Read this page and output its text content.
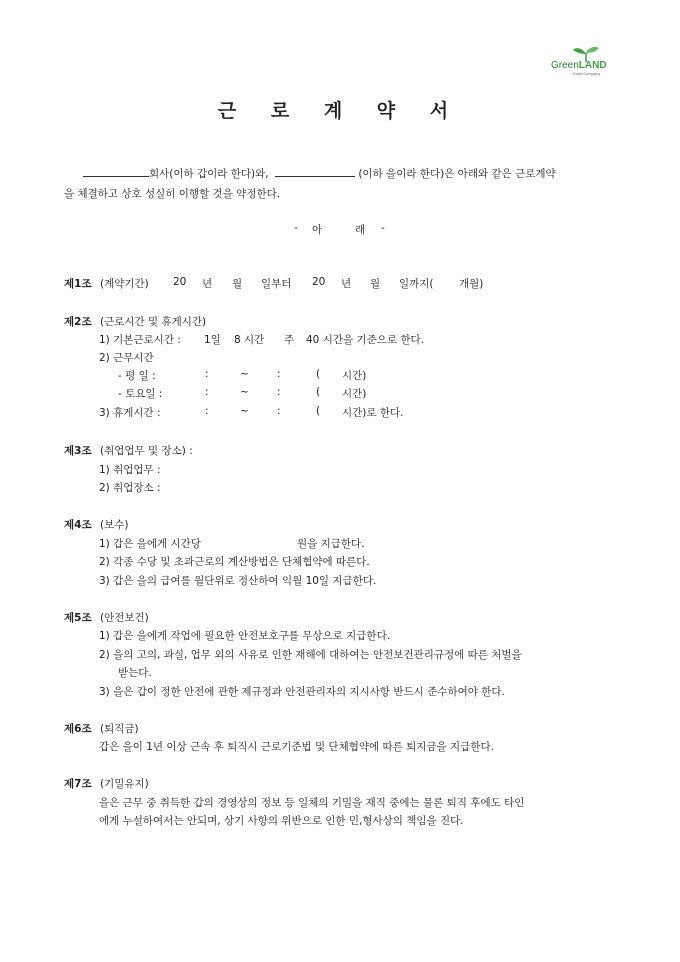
GreenLAND
Food Company
근 로 계 약 서
회사(이하 갑이라 한다)와,	(이하 을이라 한다)은 아래와 같은 근로계약
을 체결하고 상호 성실히 이행할 것을 약정한다.
- 아	래 -
제1조 (계약기간) 20 년 월 일부터 20 년 월 일까지( 개월)
제2조 (근로시간 및 휴게시간)
1) 기본근로시간 : 1일 8 시간 주 40 시간을 기준으로 한다.
2) 근무시간
- 평 일 :	:	~	:	( 시간)
- 토요일 :	:	~	:	( 시간)
3) 휴게시간 :	:	~	:	( 시간)로 한다.
제3조 (취업업무 및 장소) :
1) 취업업무 :
2) 취업장소 :
제4조 (보수)
1) 갑은 을에게 시간당	원을 지급한다.
2) 각종 수당 및 초과근로의 계산방법은 단체협약에 따른다.
3) 갑은 을의 급여를 월단위로 정산하여 익월 10일 지급한다.
제5조 (안전보건)
1) 갑은 을에게 작업에 필요한 안전보호구를 무상으로 지급한다.
2) 을의 고의, 과실, 업무 외의 사유로 인한 재해에 대하여는 안전보건관리규정에 따른 처벌을
받는다.
3) 을은 갑이 정한 안전에 관한 제규정과 안전관리자의 지시사항 반드시 준수하여야 한다.
제6조 (퇴직금)
갑은 을이 1년 이상 근속 후 퇴직시 근로기준법 및 단체협약에 따른 퇴지금을 지급한다.
제7조 (기밀유지)
을은 근무 중 취득한 갑의 경영상의 정보 등 일체의 기밀을 재직 중에는 물론 퇴직 후에도 타인
에게 누설하여서는 안되며, 상기 사항의 위반으로 인한 민,형사상의 책임을 진다.
